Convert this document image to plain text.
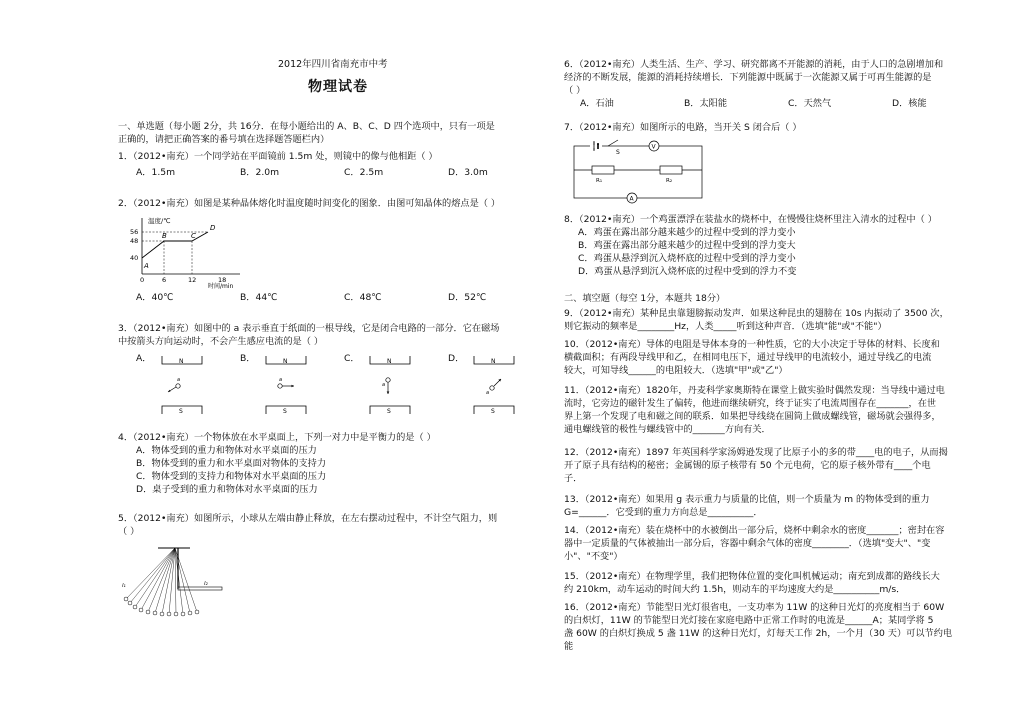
2012年四川省南充市中考
物理试卷

一、单选题（每小题 2分，共 16分．在每小题给出的 A、B、C、D 四个选项中，只有一项是

正确的，请把正确答案的番号填在选择题答题栏内）

1．（2012•南充）一个同学站在平面镜前 1.5m 处，则镜中的像与他相距（ ）

A．1.5m	B．2.0m	C．2.5m	D．3.0m

2．（2012•南充）如图是某种晶体熔化时温度随时间变化的图象．由图可知晶体的熔点是（ ）

温度/℃
56
48
40
0	6	12	18
时间/min
A
B	C
D
A．40℃	B．44℃	C．48℃	D．52℃

3．（2012•南充）如图中的 a 表示垂直于纸面的一根导线，它是闭合电路的一部分．它在磁场

中按箭头方向运动时，不会产生感应电流的是（ ）

A．	N
S
a
B．	N
S
a
C．	N
S
a
D．	N
S
a

4．（2012•南充）一个物体放在水平桌面上，下列一对力中是平衡力的是（ ）

A．物体受到的重力和物体对水平桌面的压力

B．物体受到的重力和水平桌面对物体的支持力

C．物体受到的支持力和物体对水平桌面的压力

D．桌子受到的重力和物体对水平桌面的压力

5．（2012•南充）如图所示，小球从左端由静止释放，在左右摆动过程中，不计空气阻力，则

（ ）

l₁	l₂

6．（2012•南充）人类生活、生产、学习、研究都离不开能源的消耗，由于人口的急剧增加和

经济的不断发展，能源的消耗持续增长．下列能源中既属于一次能源又属于可再生能源的是

（ ）

A．石油	B．太阳能	C．天然气	D．核能

7．（2012•南充）如图所示的电路，当开关 S 闭合后（ ）

S
V
R₁	R₂
A

8．（2012•南充）一个鸡蛋漂浮在装盐水的烧杯中，在慢慢往烧杯里注入清水的过程中（ ）

A．鸡蛋在露出部分越来越少的过程中受到的浮力变小

B．鸡蛋在露出部分越来越少的过程中受到的浮力变大

C．鸡蛋从悬浮到沉入烧杯底的过程中受到的浮力变小

D．鸡蛋从悬浮到沉入烧杯底的过程中受到的浮力不变

二、填空题（每空 1分，本题共 18分）

9．（2012•南充）某种昆虫靠翅膀振动发声．如果这种昆虫的翅膀在 10s 内振动了 3500 次，

则它振动的频率是________Hz，人类_____听到这种声音．（选填"能"或"不能"）

10．（2012•南充）导体的电阻是导体本身的一种性质，它的大小决定于导体的材料、长度和

横截面积；有两段导线甲和乙，在相同电压下，通过导线甲的电流较小，通过导线乙的电流

较大，可知导线______的电阻较大．（选填"甲"或"乙"）

11．（2012•南充）1820年，丹麦科学家奥斯特在课堂上做实验时偶然发现：当导线中通过电

流时，它旁边的磁针发生了偏转，他进而继续研究，终于证实了电流周围存在_______，在世

界上第一个发现了电和磁之间的联系．如果把导线绕在圆筒上做成螺线管，磁场就会强得多，

通电螺线管的极性与螺线管中的_______方向有关．

12．（2012•南充）1897 年英国科学家汤姆逊发现了比原子小的多的带____电的电子，从而揭

开了原子具有结构的秘密；金属锡的原子核带有 50 个元电荷，它的原子核外带有____个电

子．

13．（2012•南充）如果用 g 表示重力与质量的比值，则一个质量为 m 的物体受到的重力

G=______．它受到的重力方向总是__________．

14．（2012•南充）装在烧杯中的水被倒出一部分后，烧杯中剩余水的密度_______；密封在容

器中一定质量的气体被抽出一部分后，容器中剩余气体的密度________．（选填"变大"、"变

小"、"不变"）

15．（2012•南充）在物理学里，我们把物体位置的变化叫机械运动；南充到成都的路线长大

约 210km，动车运动的时间大约 1.5h，则动车的平均速度大约是__________m/s．

16．（2012•南充）节能型日光灯很省电，一支功率为 11W 的这种日光灯的亮度相当于 60W

的白炽灯，11W 的节能型日光灯接在家庭电路中正常工作时的电流是______A；某同学将 5

盏 60W 的白炽灯换成 5 盏 11W 的这种日光灯，灯每天工作 2h，一个月（30 天）可以节约电

能
